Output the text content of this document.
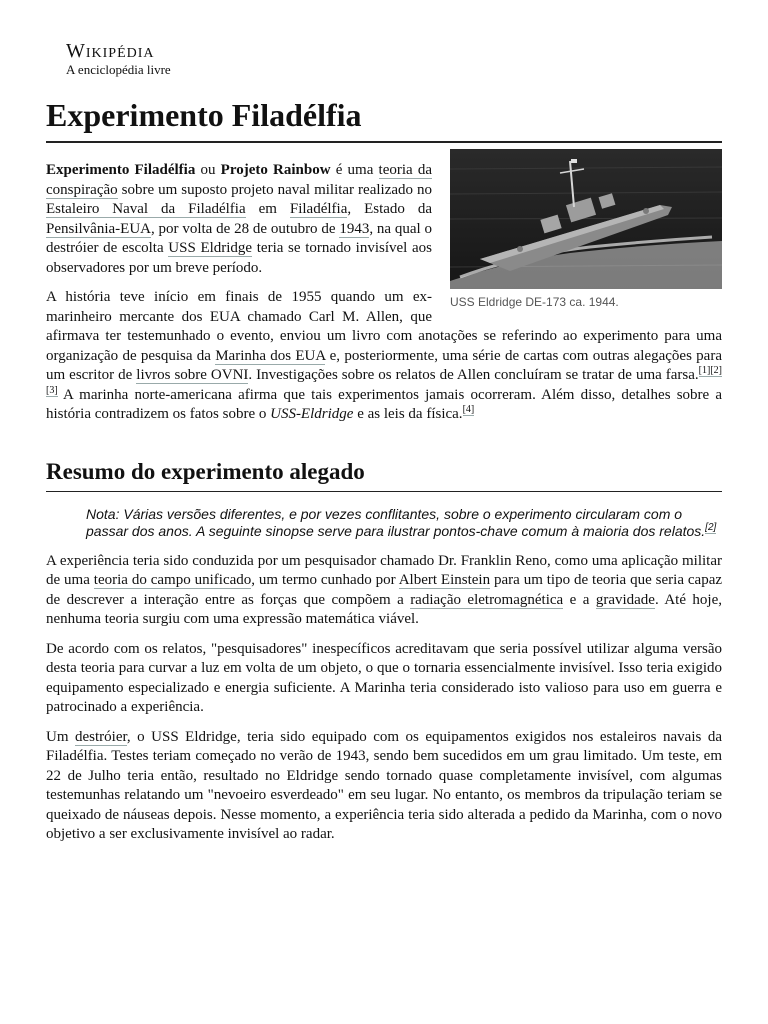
Wikipédia
A enciclopédia livre
Experimento Filadélfia
USS Eldridge DE-173 ca. 1944.

Experimento Filadélfia ou Projeto Rainbow é uma teoria da conspiração sobre um suposto projeto naval militar realizado no Estaleiro Naval da Filadélfia em Filadélfia, Estado da Pensilvânia-EUA, por volta de 28 de outubro de 1943, na qual o destróier de escolta USS Eldridge teria se tornado invisível aos observadores por um breve período.

A história teve início em finais de 1955 quando um ex-marinheiro mercante dos EUA chamado Carl M. Allen, que afirmava ter testemunhado o evento, enviou um livro com anotações se referindo ao experimento para uma organização de pesquisa da Marinha dos EUA e, posteriormente, uma série de cartas com outras alegações para um escritor de livros sobre OVNI. Investigações sobre os relatos de Allen concluíram se tratar de uma farsa.[1][2][3] A marinha norte-americana afirma que tais experimentos jamais ocorreram. Além disso, detalhes sobre a história contradizem os fatos sobre o USS-Eldridge e as leis da física.[4]

Resumo do experimento alegado
Nota: Várias versões diferentes, e por vezes conflitantes, sobre o experimento circularam com o passar dos anos. A seguinte sinopse serve para ilustrar pontos-chave comum à maioria dos relatos.[2]

A experiência teria sido conduzida por um pesquisador chamado Dr. Franklin Reno, como uma aplicação militar de uma teoria do campo unificado, um termo cunhado por Albert Einstein para um tipo de teoria que seria capaz de descrever a interação entre as forças que compõem a radiação eletromagnética e a gravidade. Até hoje, nenhuma teoria surgiu com uma expressão matemática viável.

De acordo com os relatos, "pesquisadores" inespecíficos acreditavam que seria possível utilizar alguma versão desta teoria para curvar a luz em volta de um objeto, o que o tornaria essencialmente invisível. Isso teria exigido equipamento especializado e energia suficiente. A Marinha teria considerado isto valioso para uso em guerra e patrocinado a experiência.

Um destróier, o USS Eldridge, teria sido equipado com os equipamentos exigidos nos estaleiros navais da Filadélfia. Testes teriam começado no verão de 1943, sendo bem sucedidos em um grau limitado. Um teste, em 22 de Julho teria então, resultado no Eldridge sendo tornado quase completamente invisível, com algumas testemunhas relatando um "nevoeiro esverdeado" em seu lugar. No entanto, os membros da tripulação teriam se queixado de náuseas depois. Nesse momento, a experiência teria sido alterada a pedido da Marinha, com o novo objetivo a ser exclusivamente invisível ao radar.
